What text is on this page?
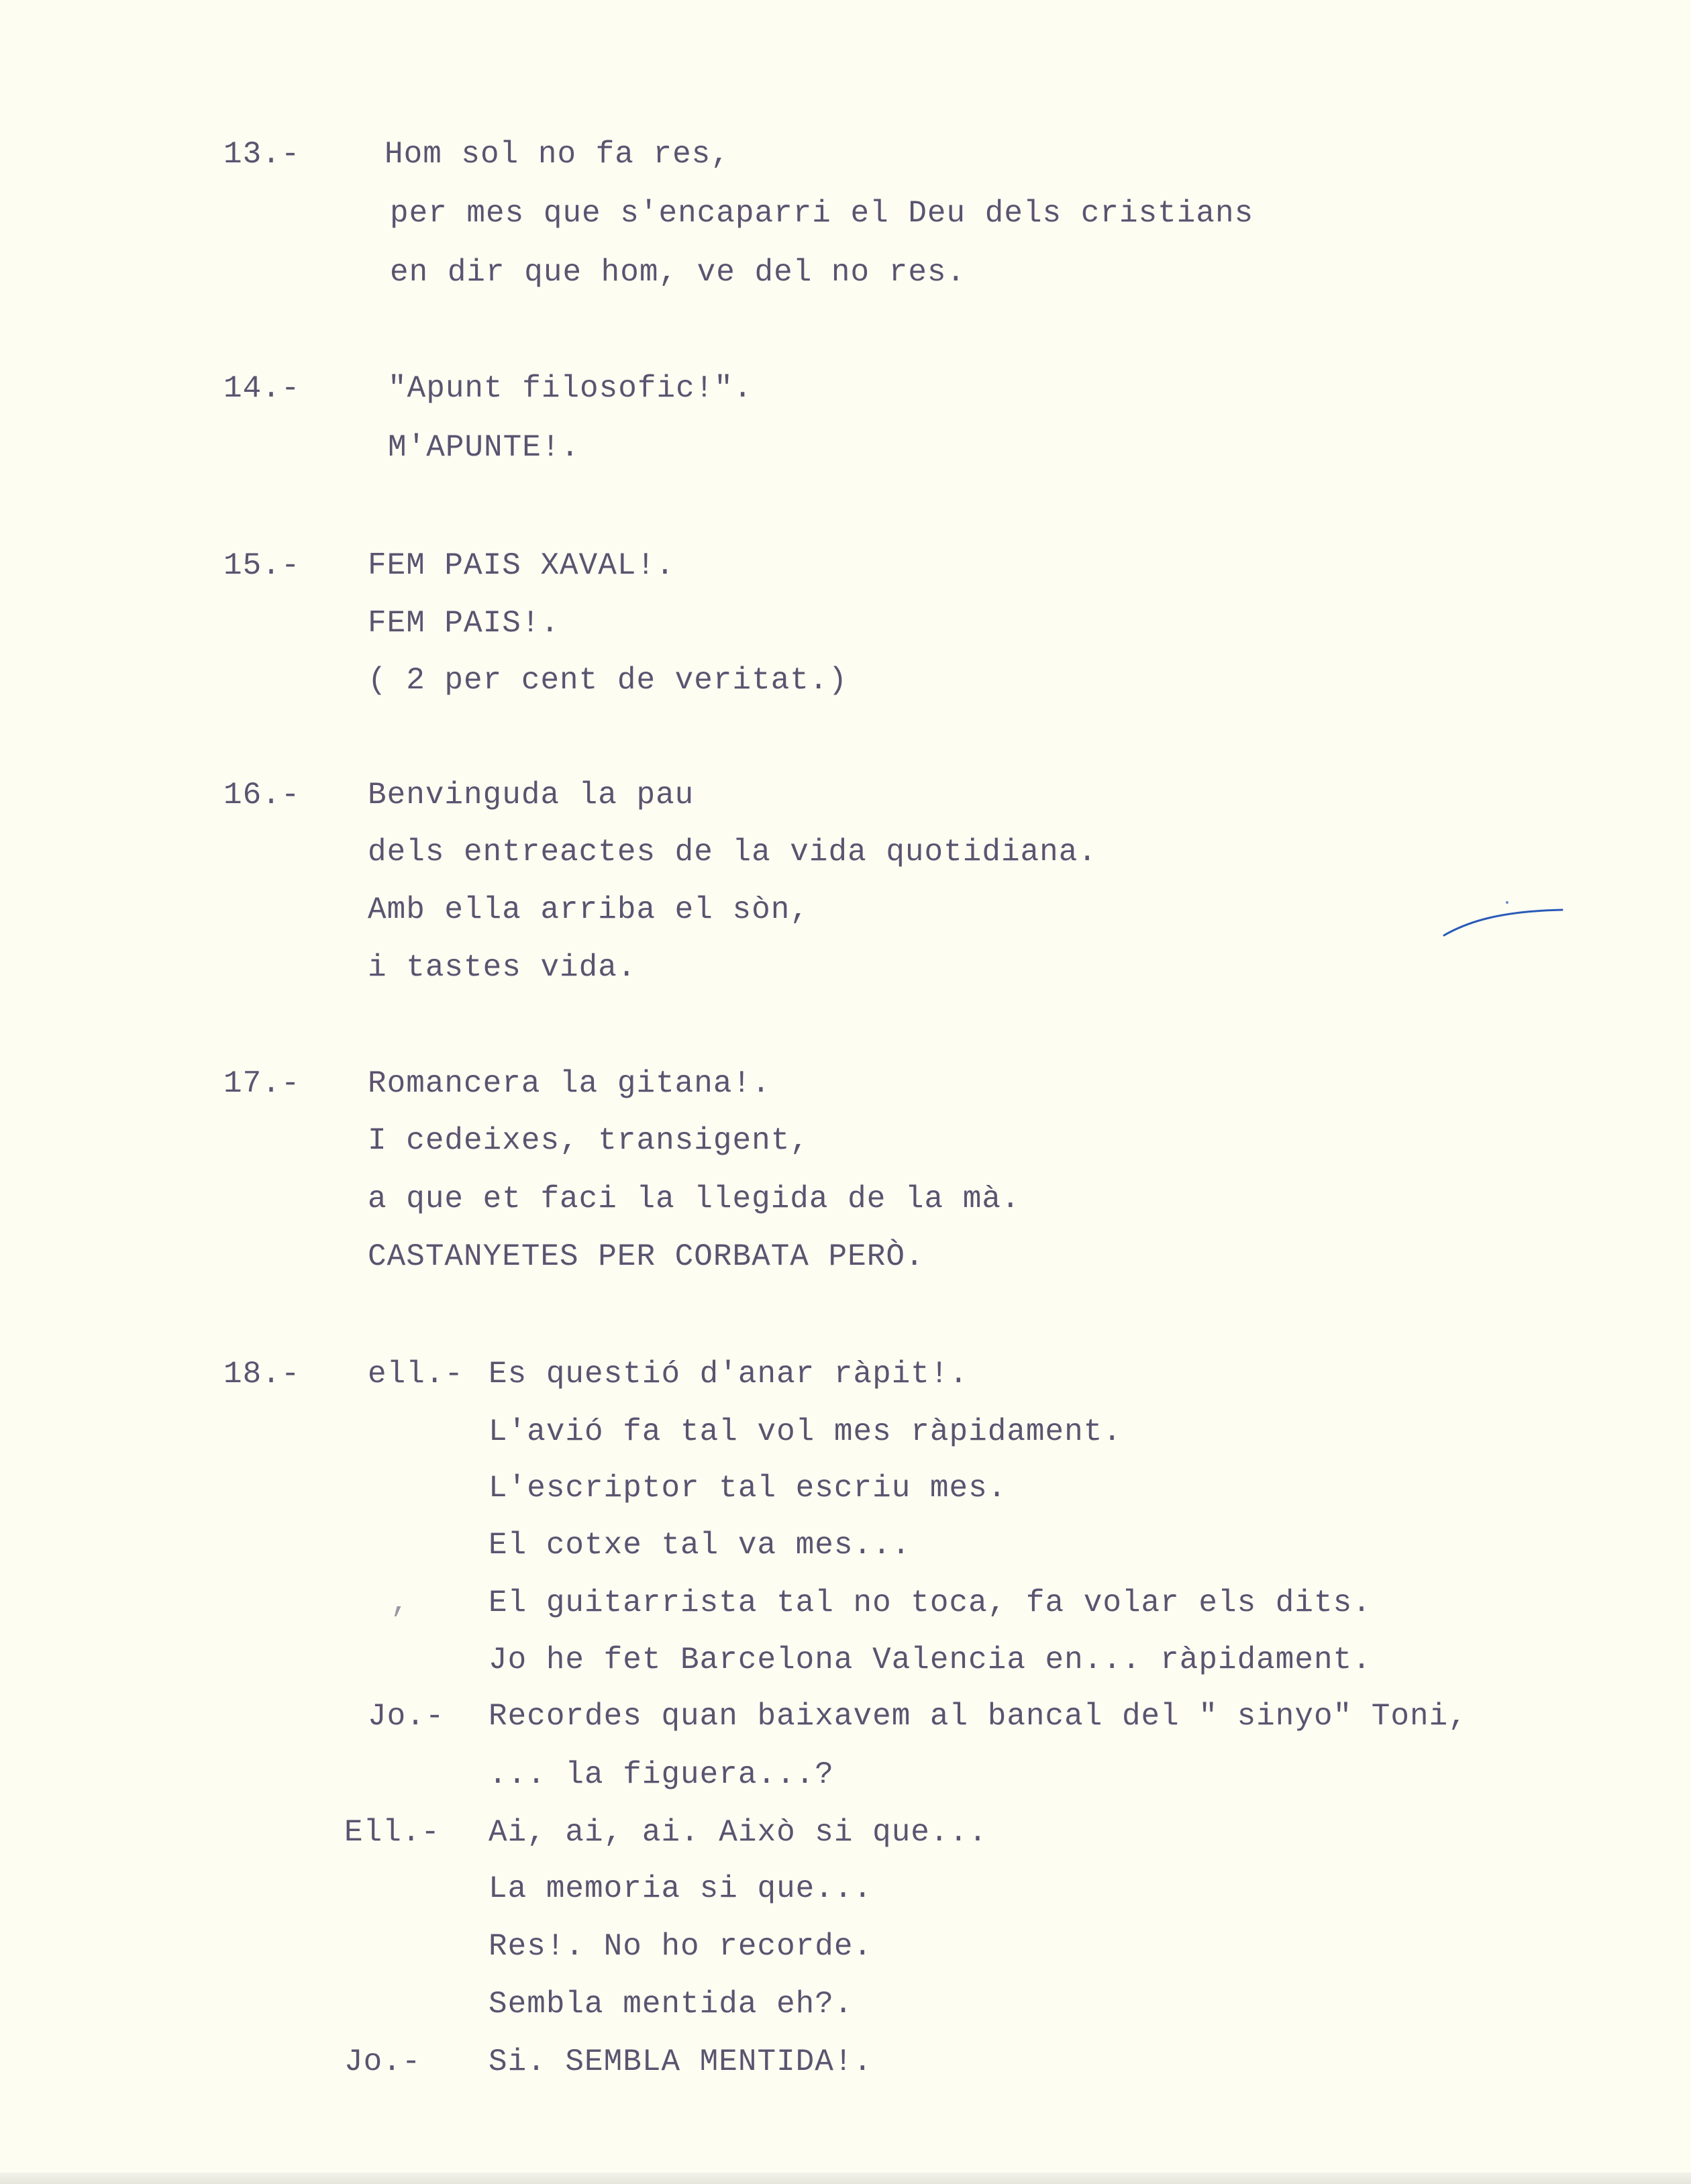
13.-	Hom sol no fa res,
per mes que s'encaparri el Deu dels cristians
en dir que hom, ve del no res.
14.-	"Apunt filosofic!".
M'APUNTE!.
15.- FEM PAIS XAVAL!.
FEM PAIS!.
( 2 per cent de veritat.)
16.- Benvinguda la pau
dels entreactes de la vida quotidiana.
Amb ella arriba el sòn,
i tastes vida.
17.- Romancera la gitana!.
I cedeixes, transigent,
a que et faci la llegida de la mà.
CASTANYETES PER CORBATA PERÒ.
18.- ell.- Es questió d'anar ràpit!.
L'avió fa tal vol mes ràpidament.
L'escriptor tal escriu mes.
El cotxe tal va mes...
,	El guitarrista tal no toca, fa volar els dits.
Jo he fet Barcelona Valencia en... ràpidament.
Jo.- Recordes quan baixavem al bancal del " sinyo" Toni,
... la figuera...?
Ell.- Ai, ai, ai. Això si que...
La memoria si que...
Res!. No ho recorde.
Sembla mentida eh?.
Jo.- Si. SEMBLA MENTIDA!.
